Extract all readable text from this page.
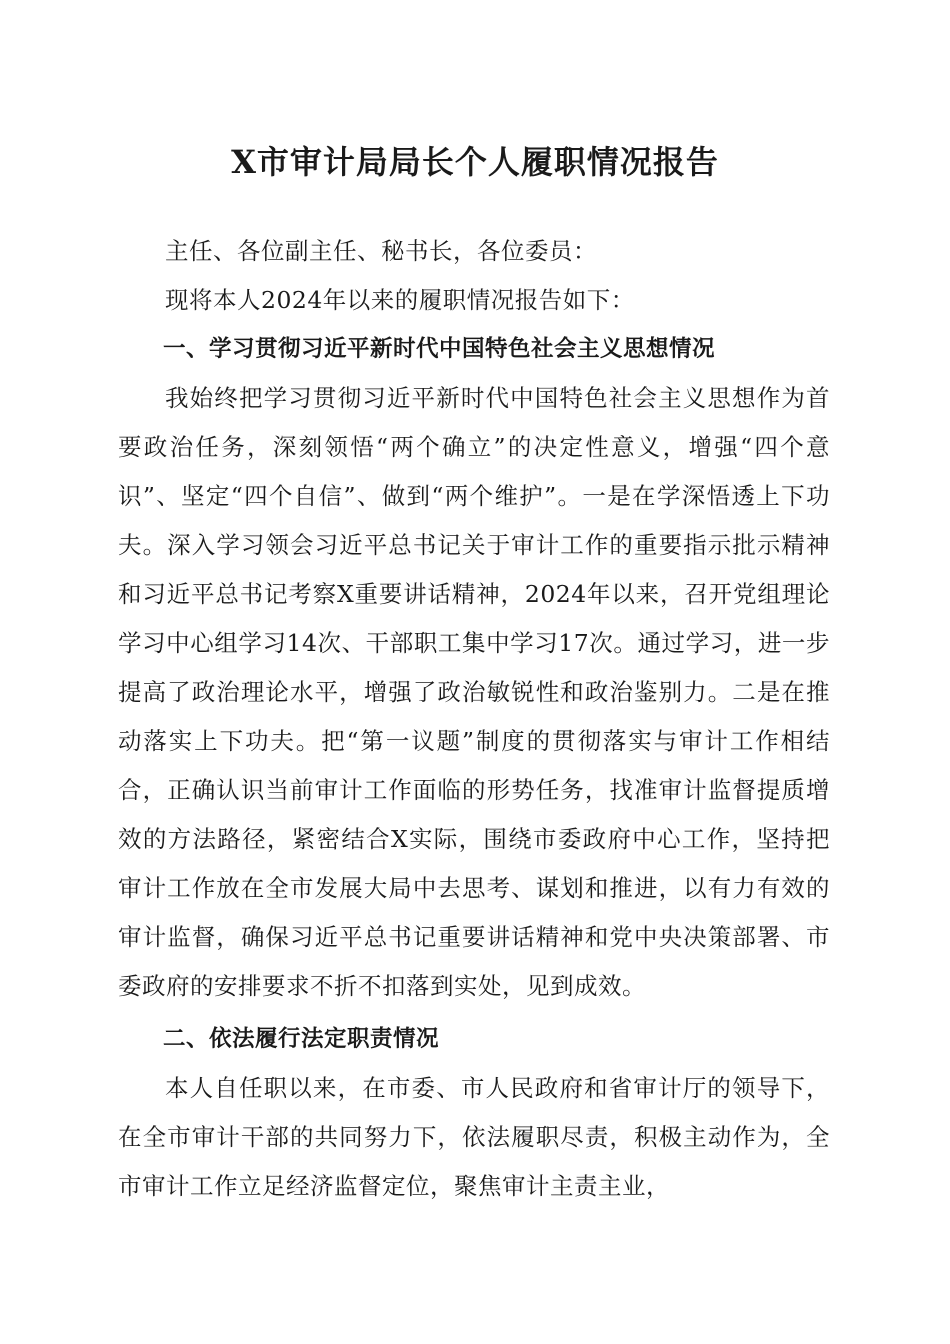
X市审计局局长个人履职情况报告

主任、各位副主任、秘书长，各位委员：

现将本人2024年以来的履职情况报告如下：

一、学习贯彻习近平新时代中国特色社会主义思想情况

我始终把学习贯彻习近平新时代中国特色社会主义思想作为首要政治任务，深刻领悟“两个确立”的决定性意义，增强“四个意识”、坚定“四个自信”、做到“两个维护”。一是在学深悟透上下功夫。深入学习领会习近平总书记关于审计工作的重要指示批示精神和习近平总书记考察X重要讲话精神，2024年以来，召开党组理论学习中心组学习14次、干部职工集中学习17次。通过学习，进一步提高了政治理论水平，增强了政治敏锐性和政治鉴别力。二是在推动落实上下功夫。把“第一议题”制度的贯彻落实与审计工作相结合，正确认识当前审计工作面临的形势任务，找准审计监督提质增效的方法路径，紧密结合X实际，围绕市委政府中心工作，坚持把审计工作放在全市发展大局中去思考、谋划和推进，以有力有效的审计监督，确保习近平总书记重要讲话精神和党中央决策部署、市委政府的安排要求不折不扣落到实处，见到成效。

二、依法履行法定职责情况

本人自任职以来，在市委、市人民政府和省审计厅的领导下，在全市审计干部的共同努力下，依法履职尽责，积极主动作为，全市审计工作立足经济监督定位，聚焦审计主责主业，
